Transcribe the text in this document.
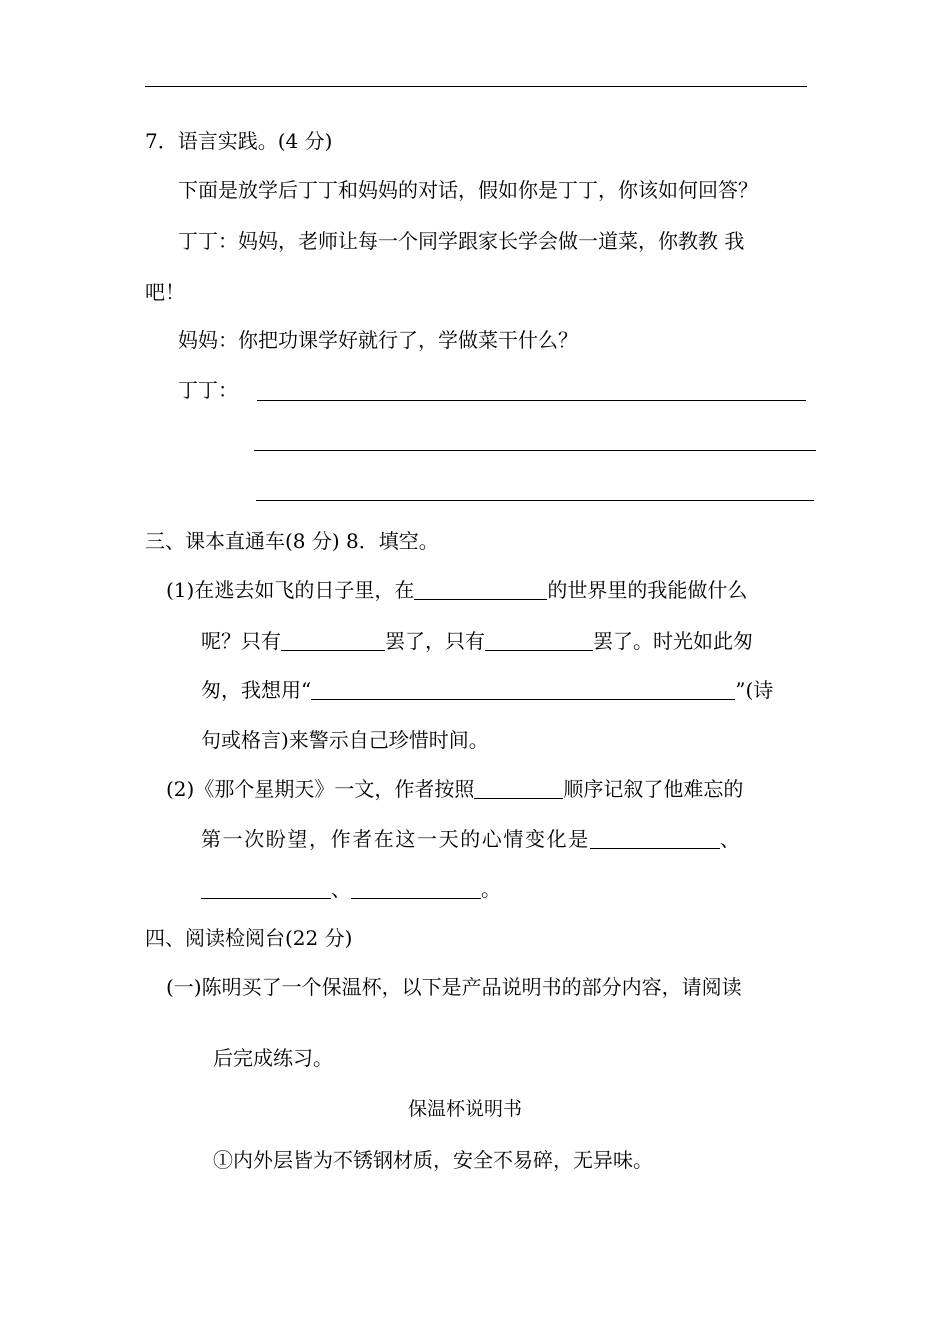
7．语言实践。(4 分)
下面是放学后丁丁和妈妈的对话，假如你是丁丁，你该如何回答？
丁丁：妈妈，老师让每一个同学跟家长学会做一道菜，你教教 我
吧！
妈妈：你把功课学好就行了，学做菜干什么？
丁丁：
三、课本直通车(8 分) 8．填空。
(1)在逃去如飞的日子里，在	的世界里的我能做什么
呢？只有	罢了，只有	罢了。时光如此匆
匆，我想用“	”(诗
句或格言)来警示自己珍惜时间。
(2)《那个星期天》一文，作者按照	顺序记叙了他难忘的
第一次盼望，作者在这一天的心情变化是	、
、	。
四、阅读检阅台(22 分)
(一)陈明买了一个保温杯，以下是产品说明书的部分内容，请阅读
后完成练习。
保温杯说明书
①内外层皆为不锈钢材质，安全不易碎，无异味。
